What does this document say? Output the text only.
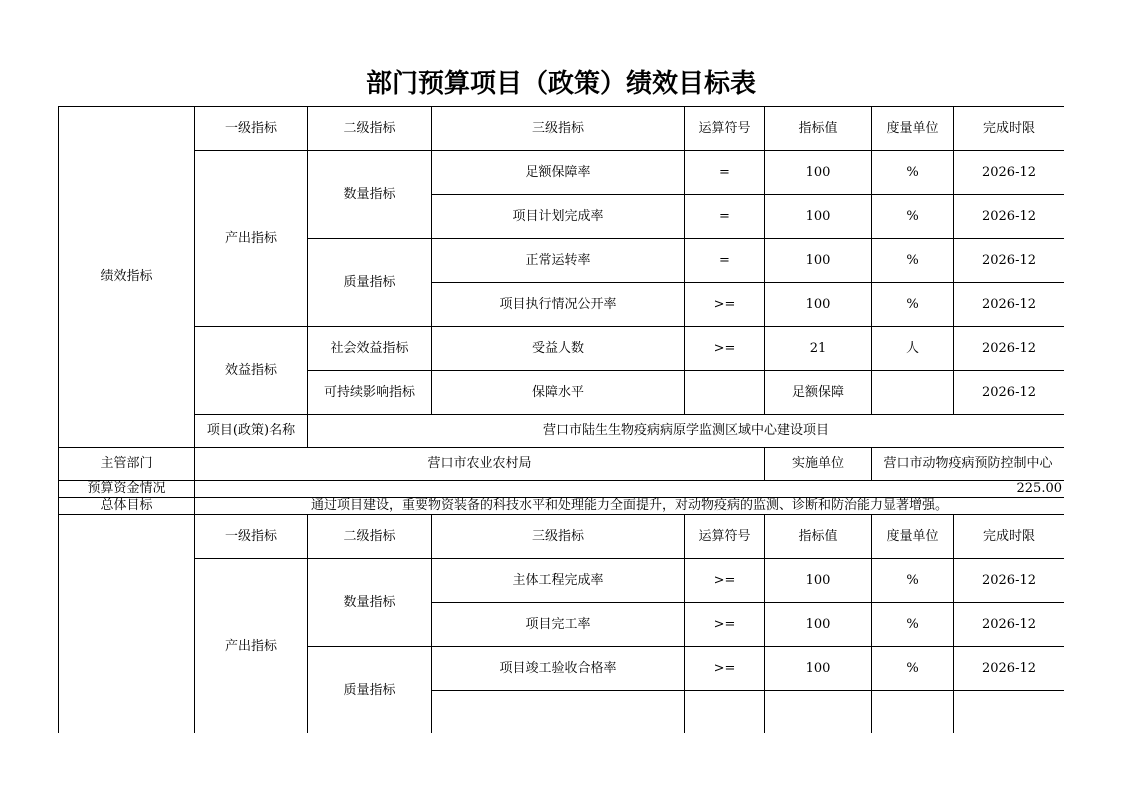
部门预算项目（政策）绩效目标表
绩效指标	一级指标	二级指标	三级指标	运算符号	指标值	度量单位	完成时限
	产出指标	数量指标	足额保障率	=	100	%	2026-12
			项目计划完成率	=	100	%	2026-12
		质量指标	正常运转率	=	100	%	2026-12
			项目执行情况公开率	>=	100	%	2026-12
	效益指标	社会效益指标	受益人数	>=	21	人	2026-12
		可持续影响指标	保障水平		足额保障		2026-12
	项目(政策)名称	营口市陆生生物疫病病原学监测区域中心建设项目					
主管部门	营口市农业农村局				实施单位	营口市动物疫病预防控制中心	
预算资金情况	225.00						
总体目标	通过项目建设，重要物资装备的科技水平和处理能力全面提升，对动物疫病的监测、诊断和防治能力显著增强。						
	一级指标	二级指标	三级指标	运算符号	指标值	度量单位	完成时限
	产出指标	数量指标	主体工程完成率	>=	100	%	2026-12
			项目完工率	>=	100	%	2026-12
		质量指标	项目竣工验收合格率	>=	100	%	2026-12
